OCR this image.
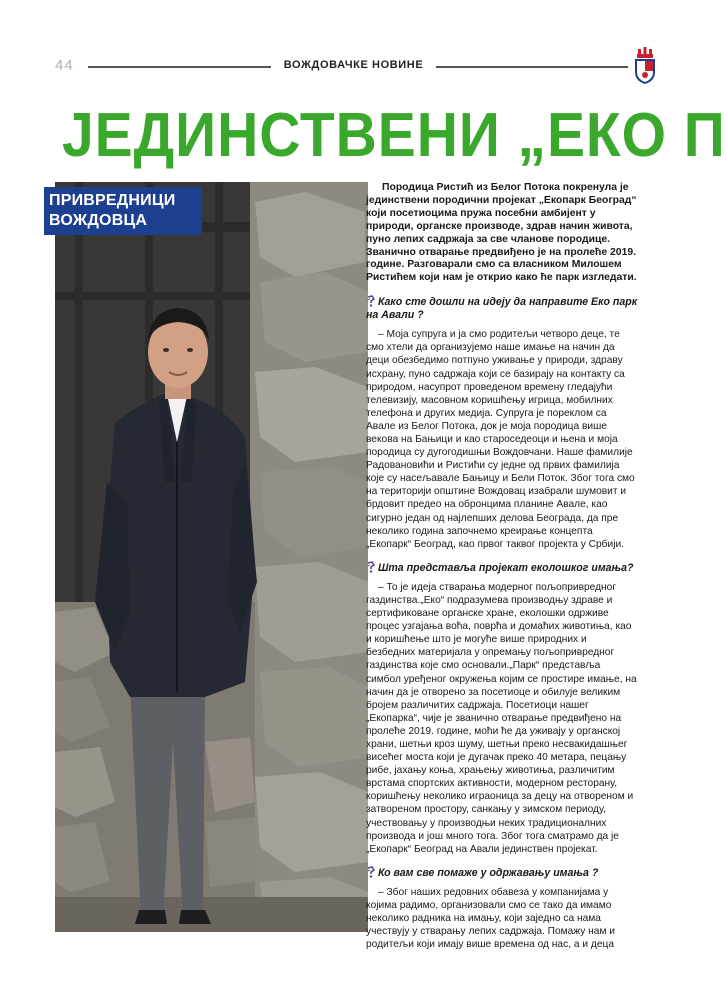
44	ВОЖДОВАЧКЕ НОВИНЕ
ЈЕДИНСТВЕНИ „ЕКО П
ПРИВРЕДНИЦИ
ВОЖДОВЦА

Породица Ристић из Белог Потока покренула је јединствени породични пројекат „Екопарк Београд“ који посетиоцима пружа посебни амбијент у природи, органске производе, здрав начин живота, пуно лепих садржаја за све чланове породице. Званично отварање предвиђено је на пролеће 2019. године. Разговарали смо са власником Милошем Ристићем који нам је открио како ће парк изгледати.

Како сте дошли на идеју да направите Еко парк на Авали ?

– Моја супруга и ја смо родитељи четворо деце, те смо хтели да организујемо наше имање на начин да деци обезбедимо потпуно уживање у природи, здраву исхрану, пуно садржаја који се базирају на контакту са природом, насупрот проведеном времену гледајући телевизију, масовном коришћењу игрица, мобилних телефона и других медија. Супруга је пореклом са Авале из Белог Потока, док је моја породица више векова на Бањици и као староседеоци и њена и моја породица су дугогодишњи Вождовчани. Наше фамилије Радовановићи и Ристићи су једне од првих фамилија које су насељавале Бањицу и Бели Поток. Због тога смо на територији општине Вождовац изабрали шумовит и брдовит предео на обронцима планине Авале, као сигурно један од најлепших делова Београда, да пре неколико година започнемо креирање концепта „Екопарк“ Београд, као првог таквог пројекта у Србији.

Шта представља пројекат еколошког имања?

– То је идеја стварања модерног пољопривредног газдинства.„Еко“ подразумева производњу здраве и сертификоване органске хране, еколошки одрживе процес узгајања воћа, поврћа и домаћих животиња, као и коришћење што је могуће више природних и безбедних материјала у опремању пољопривредног газдинства које смо основали.„Парк“ представља симбол уређеног окружења којим се простире имање, на начин да је отворено за посетиоце и обилује великим бројем различитих садржаја. Посетиоци нашег „Екопарка“, чије је званично отварање предвиђено на пролеће 2019. године, моћи ће да уживају у органској храни, шетњи кроз шуму, шетњи преко несвакидашњег висећег моста који је дугачак преко 40 метара, пецању рибе, јахању коња, храњењу животиња, различитим врстама спортских активности, модерном ресторану, коришћењу неколико играоница за децу на отвореном и затвореном простору, санкању у зимском периоду, учествовању у производњи неких традиционалних производа и још много тога. Због тога сматрамо да је „Екопарк“ Београд на Авали јединствен пројекат.

Ко вам све помаже у одржавању имања ?

– Због наших редовних обавеза у компанијама у којима радимо, организовали смо се тако да имамо неколико радника на имању, који заједно са нама учествују у стварању лепих садржаја. Помажу нам и родитељи који имају више времена од нас, а и деца
